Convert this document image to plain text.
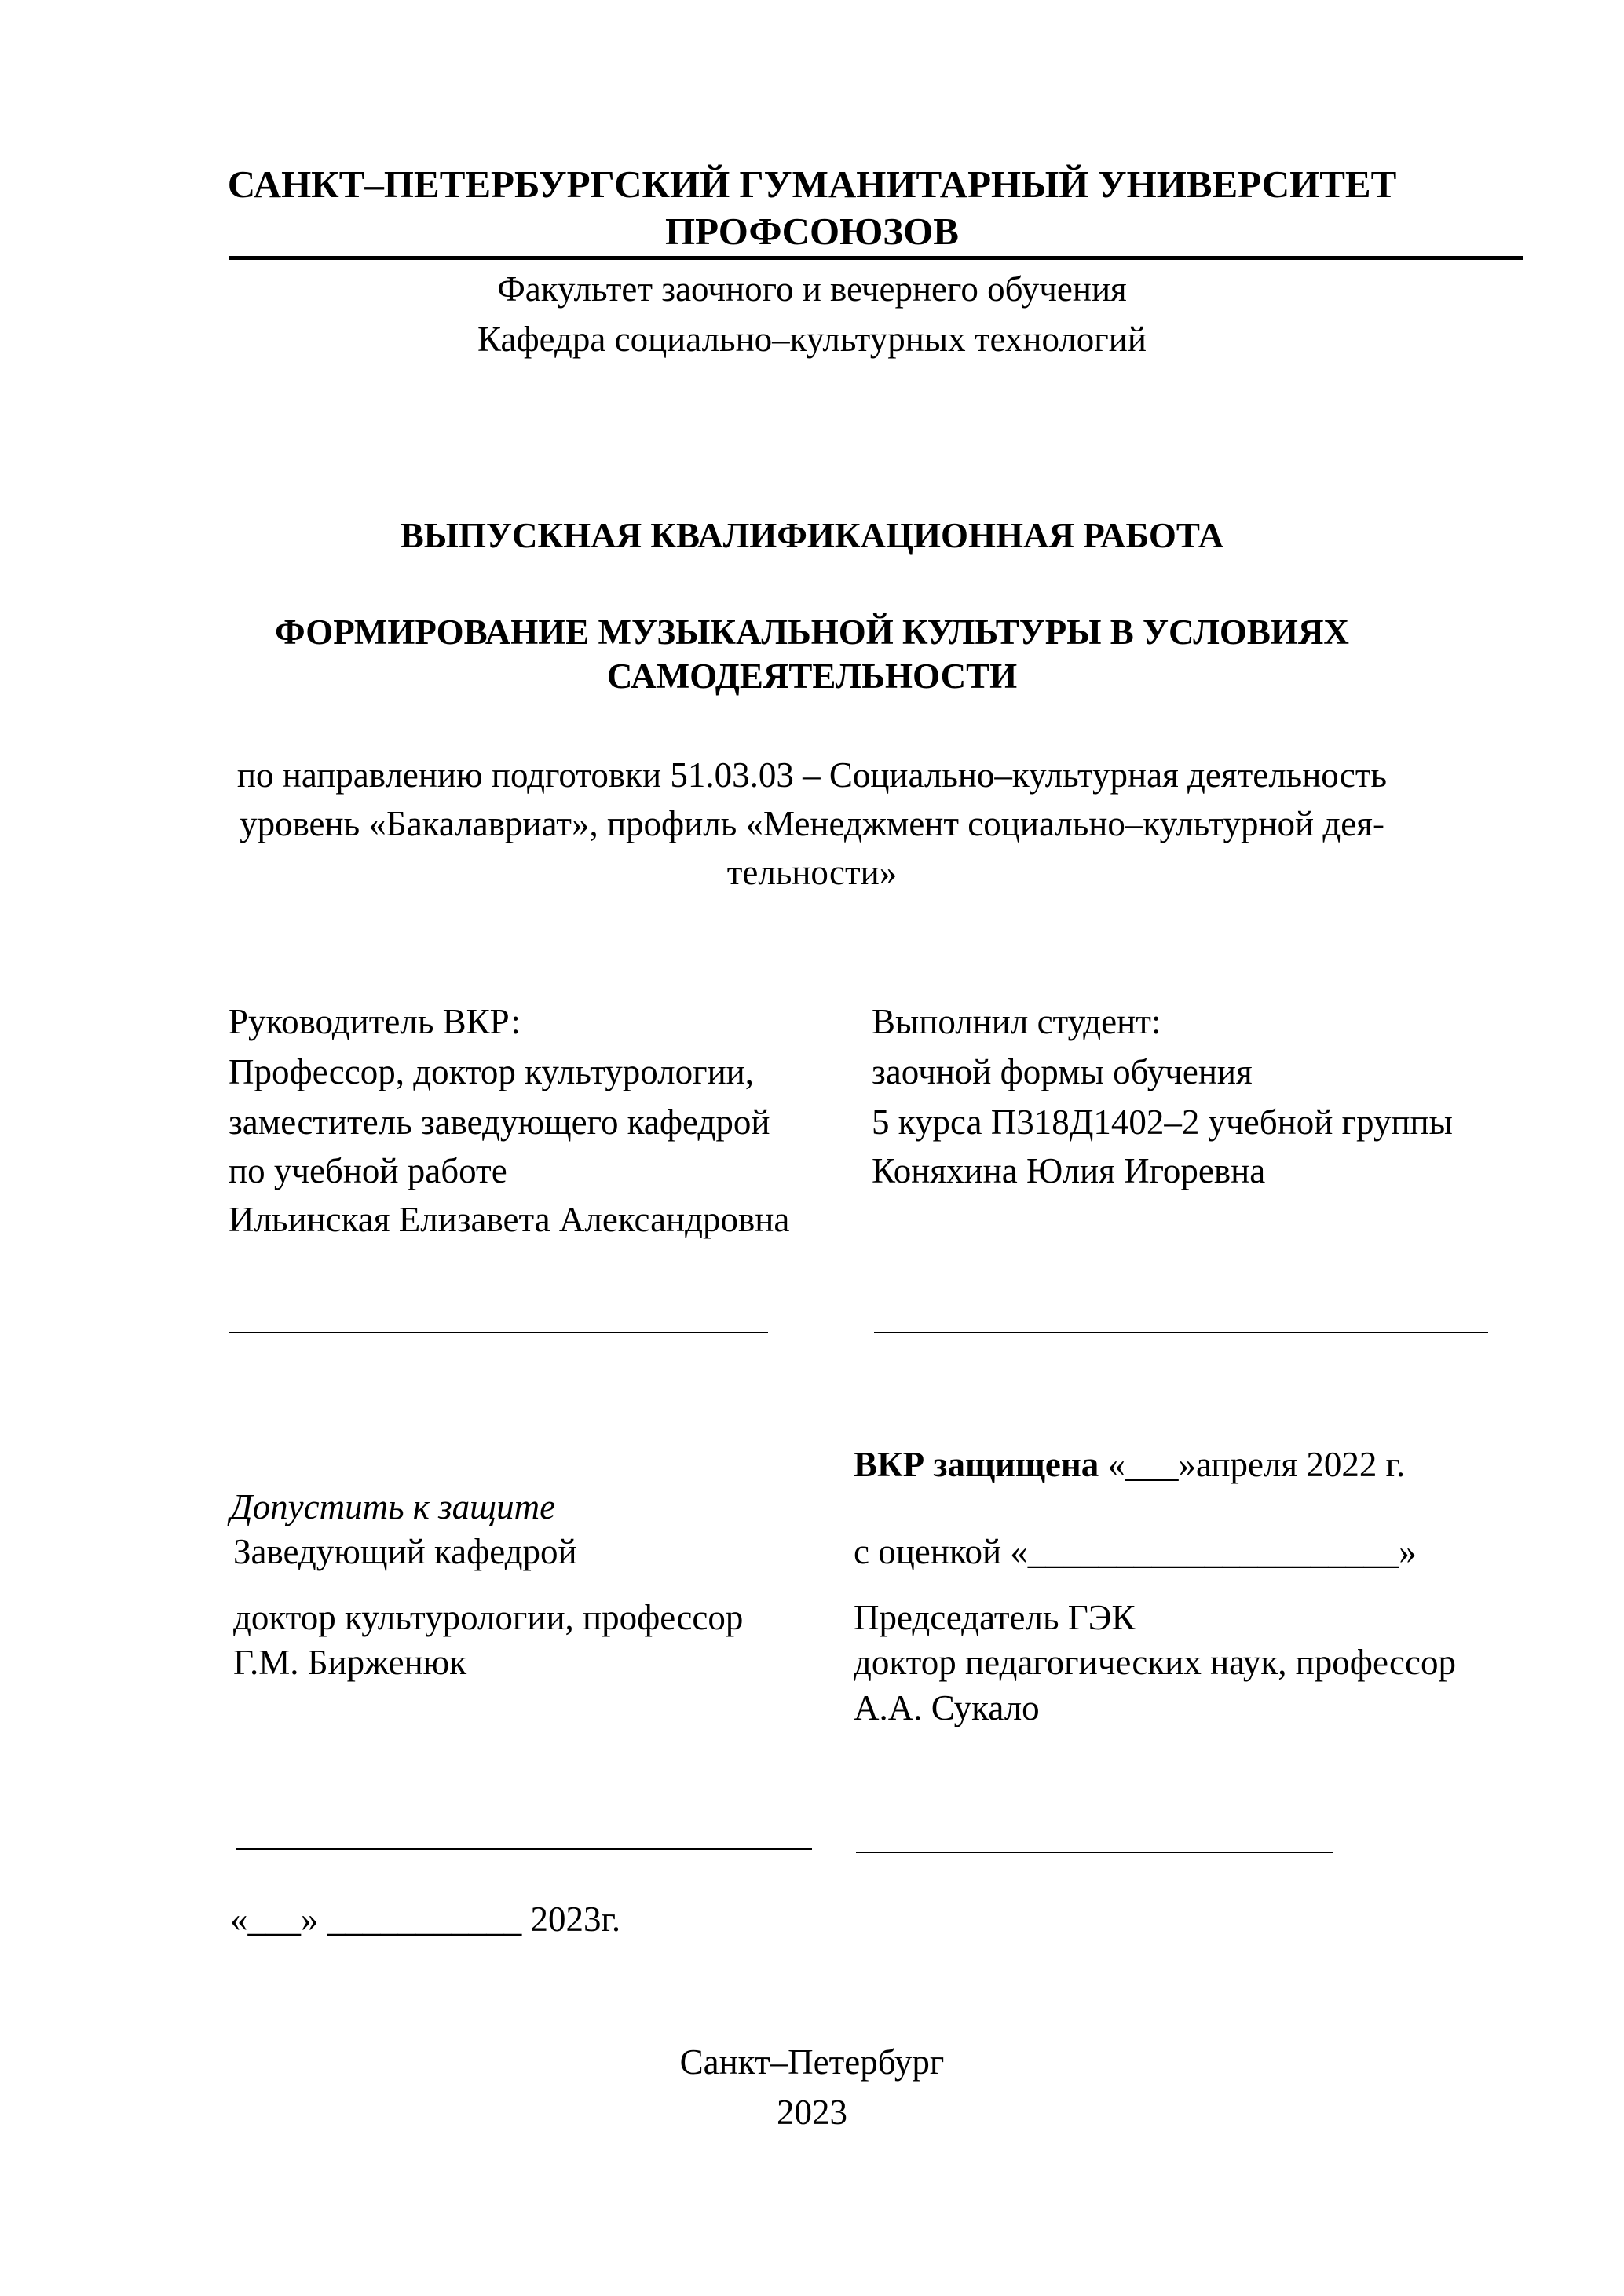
САНКТ–ПЕТЕРБУРГСКИЙ ГУМАНИТАРНЫЙ УНИВЕРСИТЕТ
ПРОФСОЮЗОВ
Факультет заочного и вечернего обучения
Кафедра социально–культурных технологий
ВЫПУСКНАЯ КВАЛИФИКАЦИОННАЯ РАБОТА
ФОРМИРОВАНИЕ МУЗЫКАЛЬНОЙ КУЛЬТУРЫ В УСЛОВИЯХ
САМОДЕЯТЕЛЬНОСТИ
по направлению подготовки 51.03.03 – Социально–культурная деятельность
уровень «Бакалавриат», профиль «Менеджмент социально–культурной дея-
тельности»
Руководитель ВКР:
Профессор, доктор культурологии,
заместитель заведующего кафедрой
по учебной работе
Ильинская Елизавета Александровна
Выполнил студент:
заочной формы обучения
5 курса П318Д1402–2 учебной группы
Коняхина Юлия Игоревна
ВКР защищена «___»апреля 2022 г.
Допустить к защите
Заведующий кафедрой	с оценкой «_____________________»
доктор культурологии, профессор
Г.М. Бирженюк
Председатель ГЭК
доктор педагогических наук, профессор
А.А. Сукало
«___» ___________ 2023г.
Санкт–Петербург
2023
